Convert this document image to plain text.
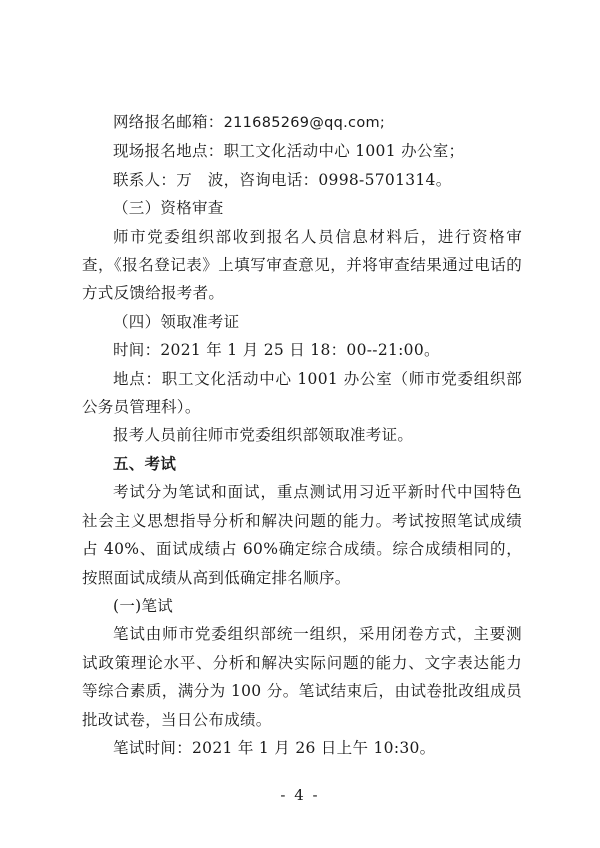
网络报名邮箱：211685269@qq.com;

现场报名地点：职工文化活动中心 1001 办公室；

联系人：万　波，咨询电话：0998-5701314。

（三）资格审查

师市党委组织部收到报名人员信息材料后，进行资格审查，《报名登记表》上填写审查意见，并将审查结果通过电话的方式反馈给报考者。

（四）领取准考证

时间：2021 年 1 月 25 日 18：00--21:00。

地点：职工文化活动中心 1001 办公室（师市党委组织部公务员管理科）。

报考人员前往师市党委组织部领取准考证。

五、考试

考试分为笔试和面试，重点测试用习近平新时代中国特色社会主义思想指导分析和解决问题的能力。考试按照笔试成绩占 40%、面试成绩占 60%确定综合成绩。综合成绩相同的，按照面试成绩从高到低确定排名顺序。

(一)笔试

笔试由师市党委组织部统一组织，采用闭卷方式，主要测试政策理论水平、分析和解决实际问题的能力、文字表达能力等综合素质，满分为 100 分。笔试结束后，由试卷批改组成员批改试卷，当日公布成绩。

笔试时间：2021 年 1 月 26 日上午 10:30。

- 4 -
